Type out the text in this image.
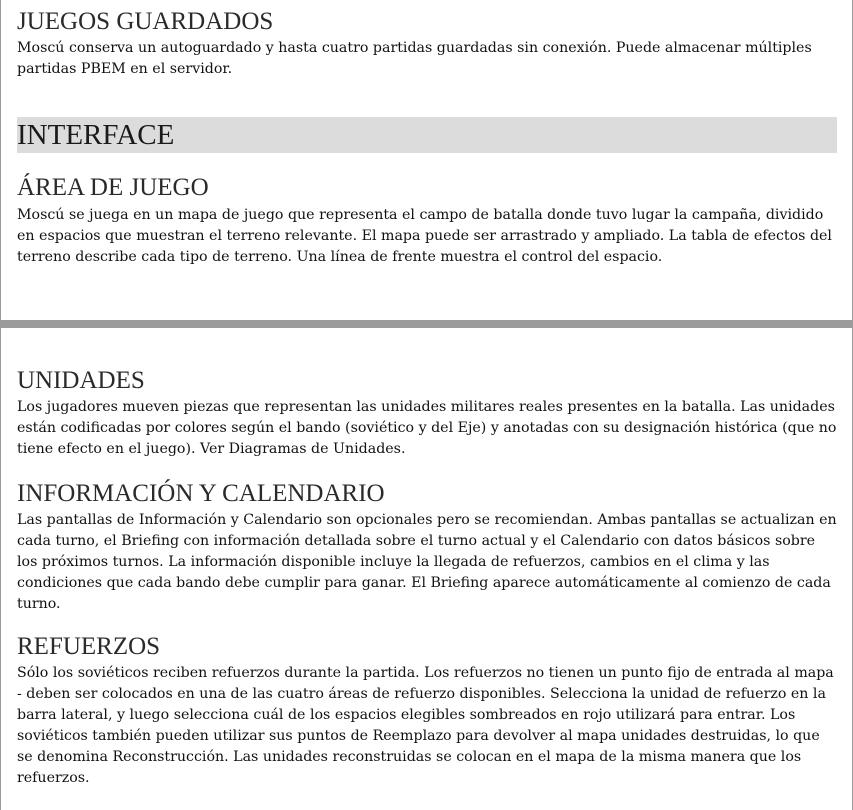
JUEGOS GUARDADOS

Moscú conserva un autoguardado y hasta cuatro partidas guardadas sin conexión. Puede almacenar múltiples partidas PBEM en el servidor.

INTERFACE
ÁREA DE JUEGO

Moscú se juega en un mapa de juego que representa el campo de batalla donde tuvo lugar la campaña, dividido en espacios que muestran el terreno relevante. El mapa puede ser arrastrado y ampliado. La tabla de efectos del terreno describe cada tipo de terreno. Una línea de frente muestra el control del espacio.

UNIDADES

Los jugadores mueven piezas que representan las unidades militares reales presentes en la batalla. Las unidades están codificadas por colores según el bando (soviético y del Eje) y anotadas con su designación histórica (que no tiene efecto en el juego). Ver Diagramas de Unidades.

INFORMACIÓN Y CALENDARIO

Las pantallas de Información y Calendario son opcionales pero se recomiendan. Ambas pantallas se actualizan en cada turno, el Briefing con información detallada sobre el turno actual y el Calendario con datos básicos sobre los próximos turnos. La información disponible incluye la llegada de refuerzos, cambios en el clima y las condiciones que cada bando debe cumplir para ganar. El Briefing aparece automáticamente al comienzo de cada turno.

REFUERZOS

Sólo los soviéticos reciben refuerzos durante la partida. Los refuerzos no tienen un punto fijo de entrada al mapa - deben ser colocados en una de las cuatro áreas de refuerzo disponibles. Selecciona la unidad de refuerzo en la barra lateral, y luego selecciona cuál de los espacios elegibles sombreados en rojo utilizará para entrar. Los soviéticos también pueden utilizar sus puntos de Reemplazo para devolver al mapa unidades destruidas, lo que se denomina Reconstrucción. Las unidades reconstruidas se colocan en el mapa de la misma manera que los refuerzos.
